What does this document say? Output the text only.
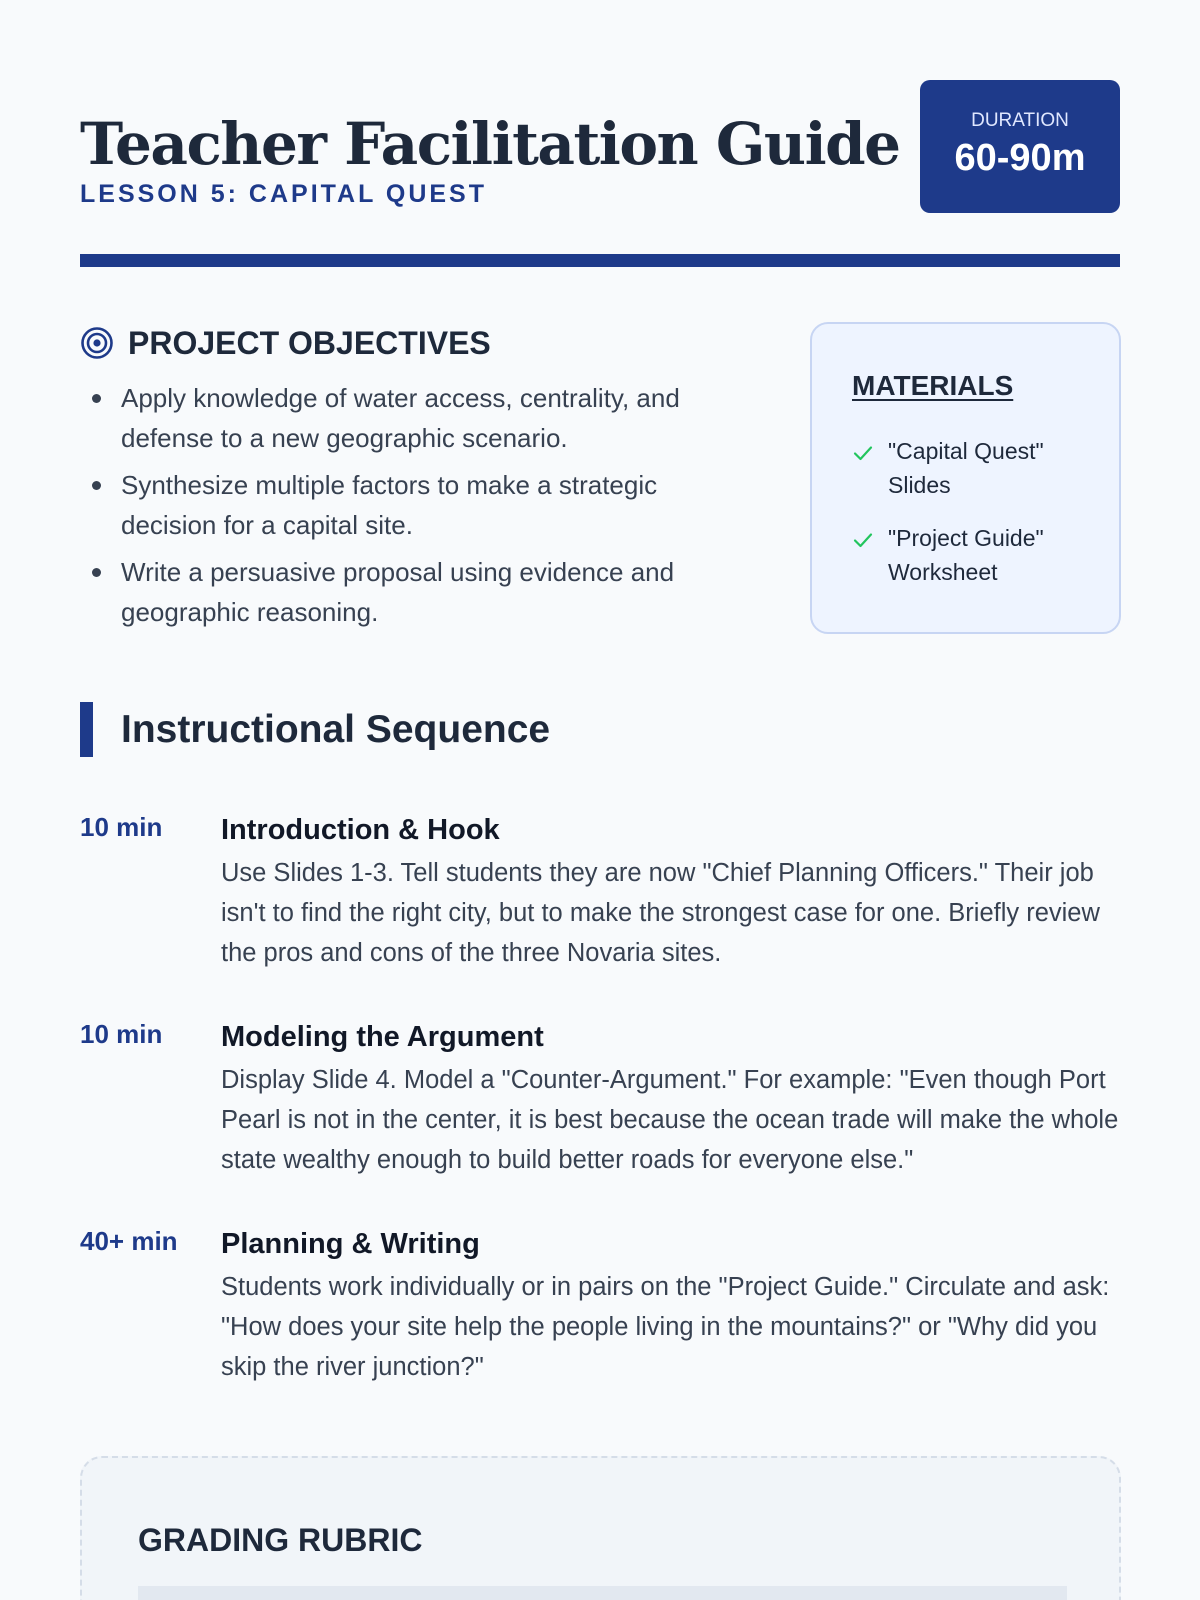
Teacher Facilitation Guide
LESSON 5: CAPITAL QUEST
DURATION
60-90m
PROJECT OBJECTIVES
Apply knowledge of water access, centrality, and defense to a new geographic scenario.
Synthesize multiple factors to make a strategic decision for a capital site.
Write a persuasive proposal using evidence and geographic reasoning.
MATERIALS
"Capital Quest" Slides
"Project Guide" Worksheet
Instructional Sequence
10 min Introduction & Hook
Use Slides 1-3. Tell students they are now "Chief Planning Officers." Their job isn't to find the right city, but to make the strongest case for one. Briefly review the pros and cons of the three Novaria sites.
10 min Modeling the Argument
Display Slide 4. Model a "Counter-Argument." For example: "Even though Port Pearl is not in the center, it is best because the ocean trade will make the whole state wealthy enough to build better roads for everyone else."
40+ min Planning & Writing
Students work individually or in pairs on the "Project Guide." Circulate and ask: "How does your site help the people living in the mountains?" or "Why did you skip the river junction?"
GRADING RUBRIC
